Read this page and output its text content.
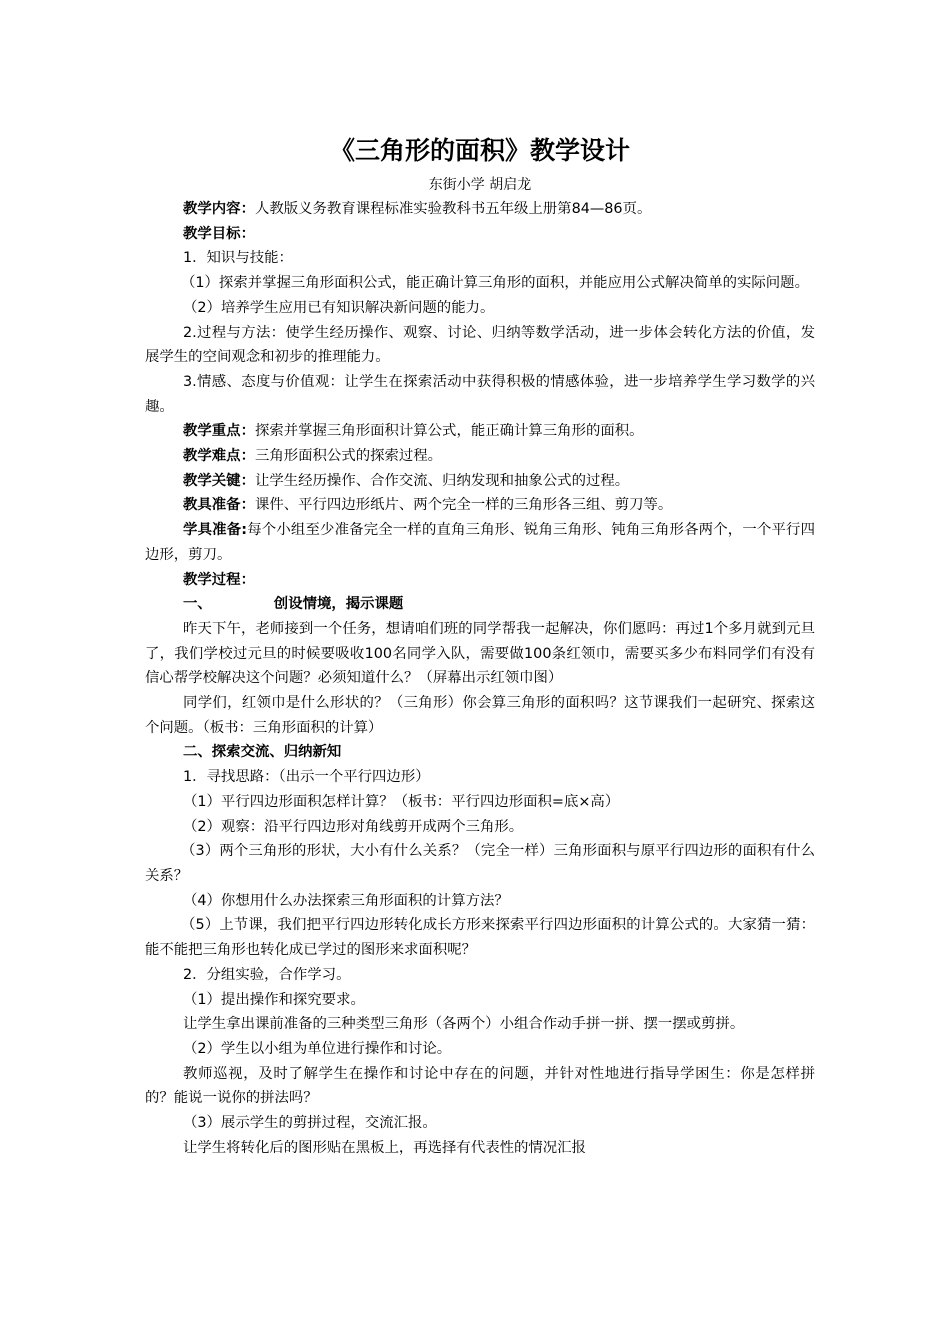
《三角形的面积》教学设计
东街小学 胡启龙

教学内容：人教版义务教育课程标准实验教科书五年级上册第84—86页。

教学目标：

1．知识与技能：

（1）探索并掌握三角形面积公式，能正确计算三角形的面积，并能应用公式解决简单的实际问题。

（2）培养学生应用已有知识解决新问题的能力。

2.过程与方法：使学生经历操作、观察、讨论、归纳等数学活动，进一步体会转化方法的价值，发展学生的空间观念和初步的推理能力。

3.情感、态度与价值观：让学生在探索活动中获得积极的情感体验，进一步培养学生学习数学的兴趣。

教学重点：探索并掌握三角形面积计算公式，能正确计算三角形的面积。

教学难点：三角形面积公式的探索过程。

教学关键：让学生经历操作、合作交流、归纳发现和抽象公式的过程。

教具准备：课件、平行四边形纸片、两个完全一样的三角形各三组、剪刀等。

学具准备:每个小组至少准备完全一样的直角三角形、锐角三角形、钝角三角形各两个，一个平行四边形，剪刀。

教学过程：

一、	创设情境，揭示课题

昨天下午，老师接到一个任务，想请咱们班的同学帮我一起解决，你们愿吗：再过1个多月就到元旦了，我们学校过元旦的时候要吸收100名同学入队，需要做100条红领巾，需要买多少布料同学们有没有信心帮学校解决这个问题？必须知道什么？（屏幕出示红领巾图）

同学们，红领巾是什么形状的？（三角形）你会算三角形的面积吗？这节课我们一起研究、探索这个问题。（板书：三角形面积的计算）

二、探索交流、归纳新知

1．寻找思路：（出示一个平行四边形）

（1）平行四边形面积怎样计算？（板书：平行四边形面积=底×高）

（2）观察：沿平行四边形对角线剪开成两个三角形。

（3）两个三角形的形状，大小有什么关系？（完全一样）三角形面积与原平行四边形的面积有什么关系？

（4）你想用什么办法探索三角形面积的计算方法？

（5）上节课，我们把平行四边形转化成长方形来探索平行四边形面积的计算公式的。大家猜一猜：能不能把三角形也转化成已学过的图形来求面积呢？

2．分组实验，合作学习。

（1）提出操作和探究要求。

让学生拿出课前准备的三种类型三角形（各两个）小组合作动手拼一拼、摆一摆或剪拼。

（2）学生以小组为单位进行操作和讨论。

教师巡视，及时了解学生在操作和讨论中存在的问题，并针对性地进行指导学困生：你是怎样拼的？能说一说你的拼法吗？

（3）展示学生的剪拼过程，交流汇报。

让学生将转化后的图形贴在黑板上，再选择有代表性的情况汇报
